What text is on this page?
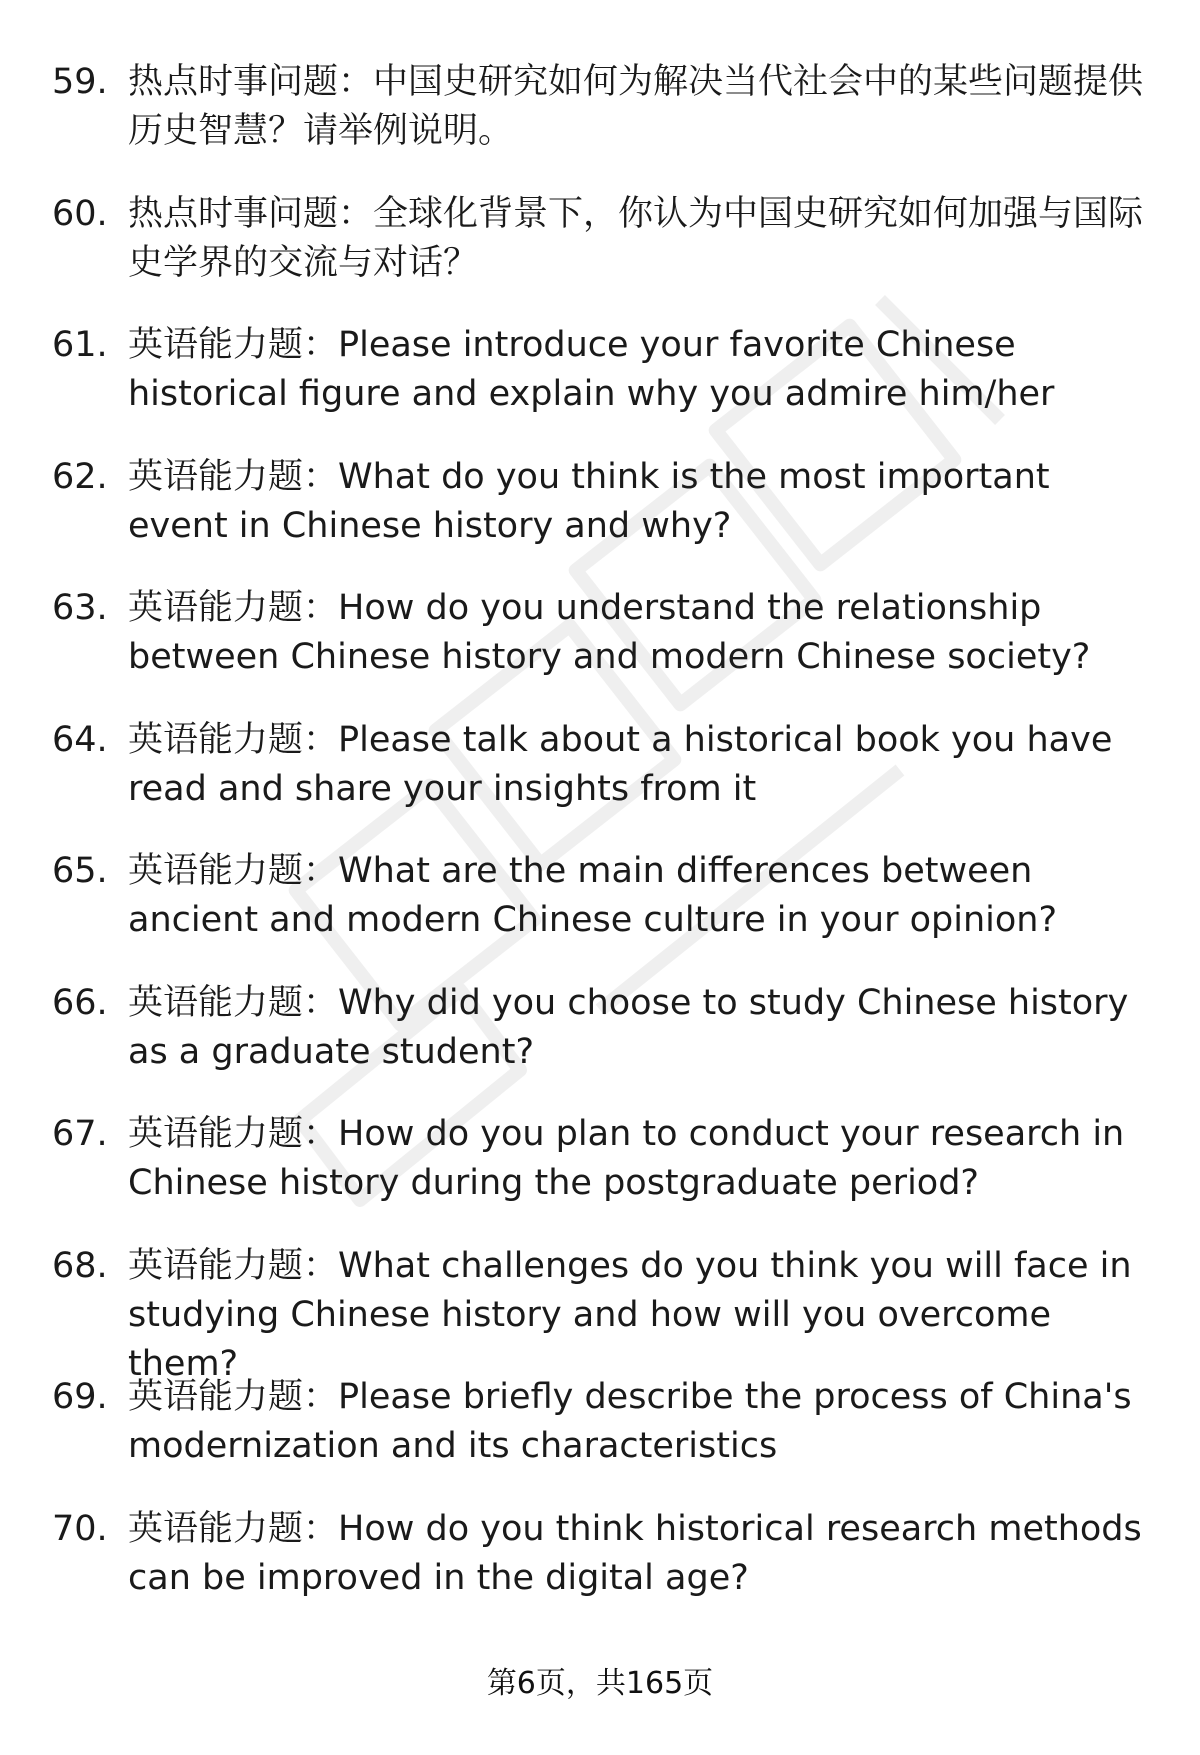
59. 热点时事问题：中国史研究如何为解决当代社会中的某些问题提供历史智慧？请举例说明。
60. 热点时事问题：全球化背景下，你认为中国史研究如何加强与国际史学界的交流与对话？
61. 英语能力题：Please introduce your favorite Chinese historical figure and explain why you admire him/her
62. 英语能力题：What do you think is the most important event in Chinese history and why?
63. 英语能力题：How do you understand the relationship between Chinese history and modern Chinese society?
64. 英语能力题：Please talk about a historical book you have read and share your insights from it
65. 英语能力题：What are the main differences between ancient and modern Chinese culture in your opinion?
66. 英语能力题：Why did you choose to study Chinese history as a graduate student?
67. 英语能力题：How do you plan to conduct your research in Chinese history during the postgraduate period?
68. 英语能力题：What challenges do you think you will face in studying Chinese history and how will you overcome them?
69. 英语能力题：Please briefly describe the process of China's modernization and its characteristics
70. 英语能力题：How do you think historical research methods can be improved in the digital age?
第6页，共165页
